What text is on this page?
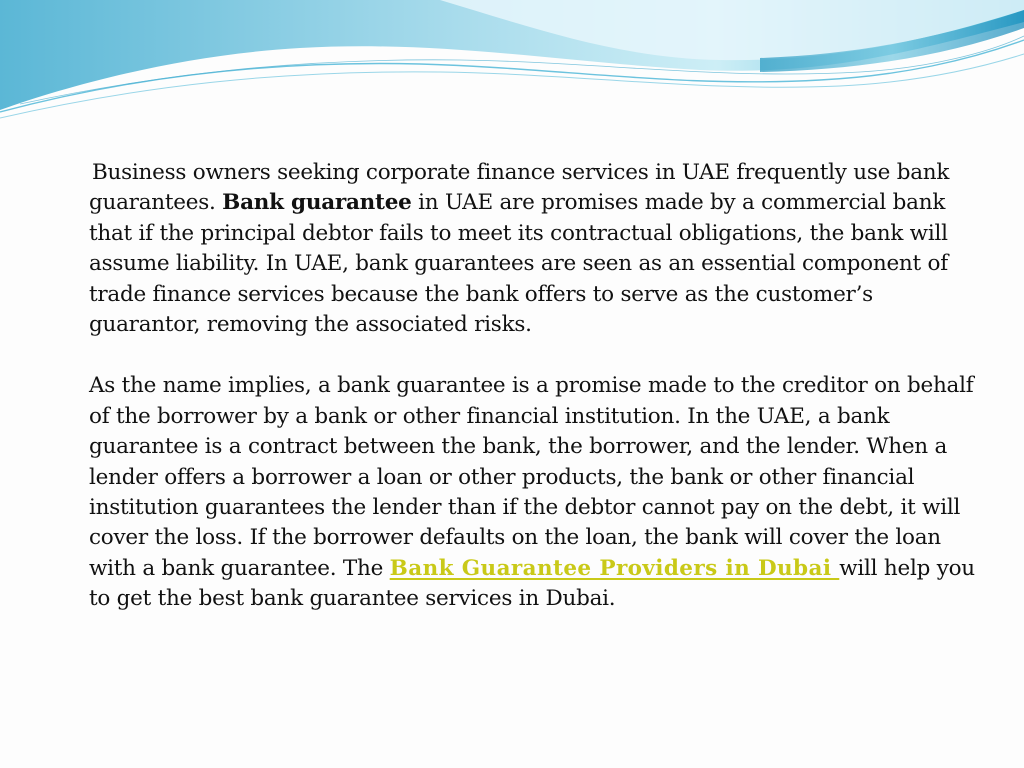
Business owners seeking corporate finance services in UAE frequently use bank guarantees. Bank guarantee in UAE are promises made by a commercial bank that if the principal debtor fails to meet its contractual obligations, the bank will assume liability. In UAE, bank guarantees are seen as an essential component of trade finance services because the bank offers to serve as the customer’s guarantor, removing the associated risks.

As the name implies, a bank guarantee is a promise made to the creditor on behalf of the borrower by a bank or other financial institution. In the UAE, a bank guarantee is a contract between the bank, the borrower, and the lender. When a lender offers a borrower a loan or other products, the bank or other financial institution guarantees the lender than if the debtor cannot pay on the debt, it will cover the loss. If the borrower defaults on the loan, the bank will cover the loan with a bank guarantee. The Bank Guarantee Providers in Dubai will help you to get the best bank guarantee services in Dubai.
